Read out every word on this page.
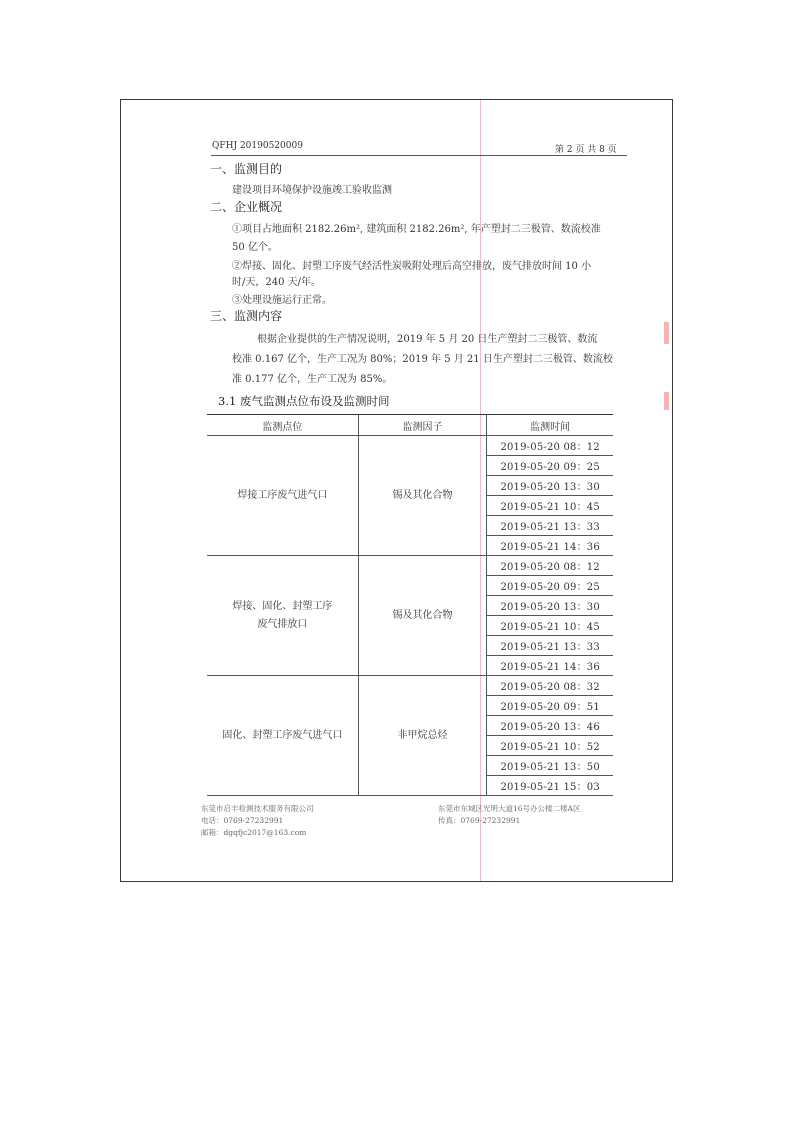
QFHJ 20190520009	第 2 页 共 8 页
一、监测目的
建设项目环境保护设施竣工验收监测
二、企业概况
①项目占地面积 2182.26m², 建筑面积 2182.26m², 年产塑封二三极管、数流校准
50 亿个。
②焊接、固化、封塑工序废气经活性炭吸附处理后高空排放，废气排放时间 10 小
时/天，240 天/年。
③处理设施运行正常。
三、监测内容
根据企业提供的生产情况说明，2019 年 5 月 20 日生产塑封二三极管、数流
校准 0.167 亿个，生产工况为 80%；2019 年 5 月 21 日生产塑封二三极管、数流校
准 0.177 亿个，生产工况为 85%。
3.1 废气监测点位布设及监测时间
监测点位	监测因子	监测时间
焊接工序废气进气口	锡及其化合物	2019-05-20 08：12
		2019-05-20 09：25
		2019-05-20 13：30
		2019-05-21 10：45
		2019-05-21 13：33
		2019-05-21 14：36

焊接、固化、封塑工序
废气排放口	锡及其化合物	2019-05-20 08：12
		2019-05-20 09：25
		2019-05-20 13：30
		2019-05-21 10：45
		2019-05-21 13：33
		2019-05-21 14：36
固化、封塑工序废气进气口	非甲烷总烃	2019-05-20 08：32
		2019-05-20 09：51
		2019-05-20 13：46
		2019-05-21 10：52
		2019-05-21 13：50
		2019-05-21 15：03
东莞市启丰检测技术服务有限公司
电话：0769-27232991
邮箱：dgqfjc2017@163.com
东莞市东城区光明大道16号办公楼二楼A区
传真：0769-27232991
